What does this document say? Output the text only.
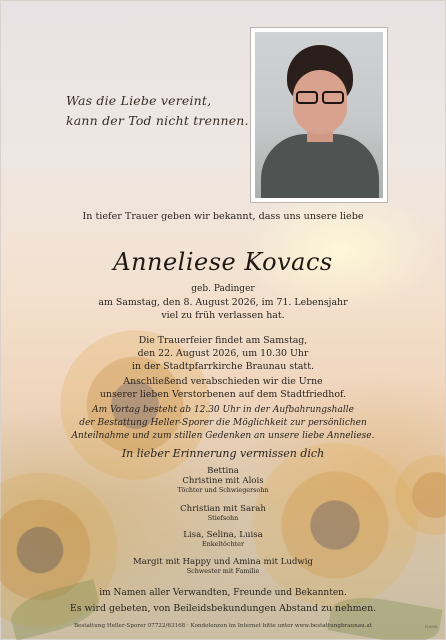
Was die Liebe vereint,
kann der Tod nicht trennen.
In tiefer Trauer geben wir bekannt, dass uns unsere liebe
Anneliese Kovacs
geb. Padinger
am Samstag, den 8. August 2026, im 71. Lebensjahr
viel zu früh verlassen hat.
Die Trauerfeier findet am Samstag,
den 22. August 2026, um 10.30 Uhr
in der Stadtpfarrkirche Braunau statt.
Anschließend verabschieden wir die Urne
unserer lieben Verstorbenen auf dem Stadtfriedhof.
Am Vortag besteht ab 12.30 Uhr in der Aufbahrungshalle
der Bestattung Heller-Sporer die Möglichkeit zur persönlichen
Anteilnahme und zum stillen Gedenken an unsere liebe Anneliese.
In lieber Erinnerung vermissen dich
Bettina
Christine mit Alois
Töchter und Schwiegersohn
Christian mit Sarah
Stiefsohn
Lisa, Selina, Luisa
Enkeltöchter
Margit mit Happy und Amina mit Ludwig
Schwester mit Familie
im Namen aller Verwandten, Freunde und Bekannten.
Es wird gebeten, von Beileidsbekundungen Abstand zu nehmen.
Bestattung Heller-Sporer 07722/63168 · Kondolenzen im Internet bitte unter www.bestattungbraunau.at	H-6981
